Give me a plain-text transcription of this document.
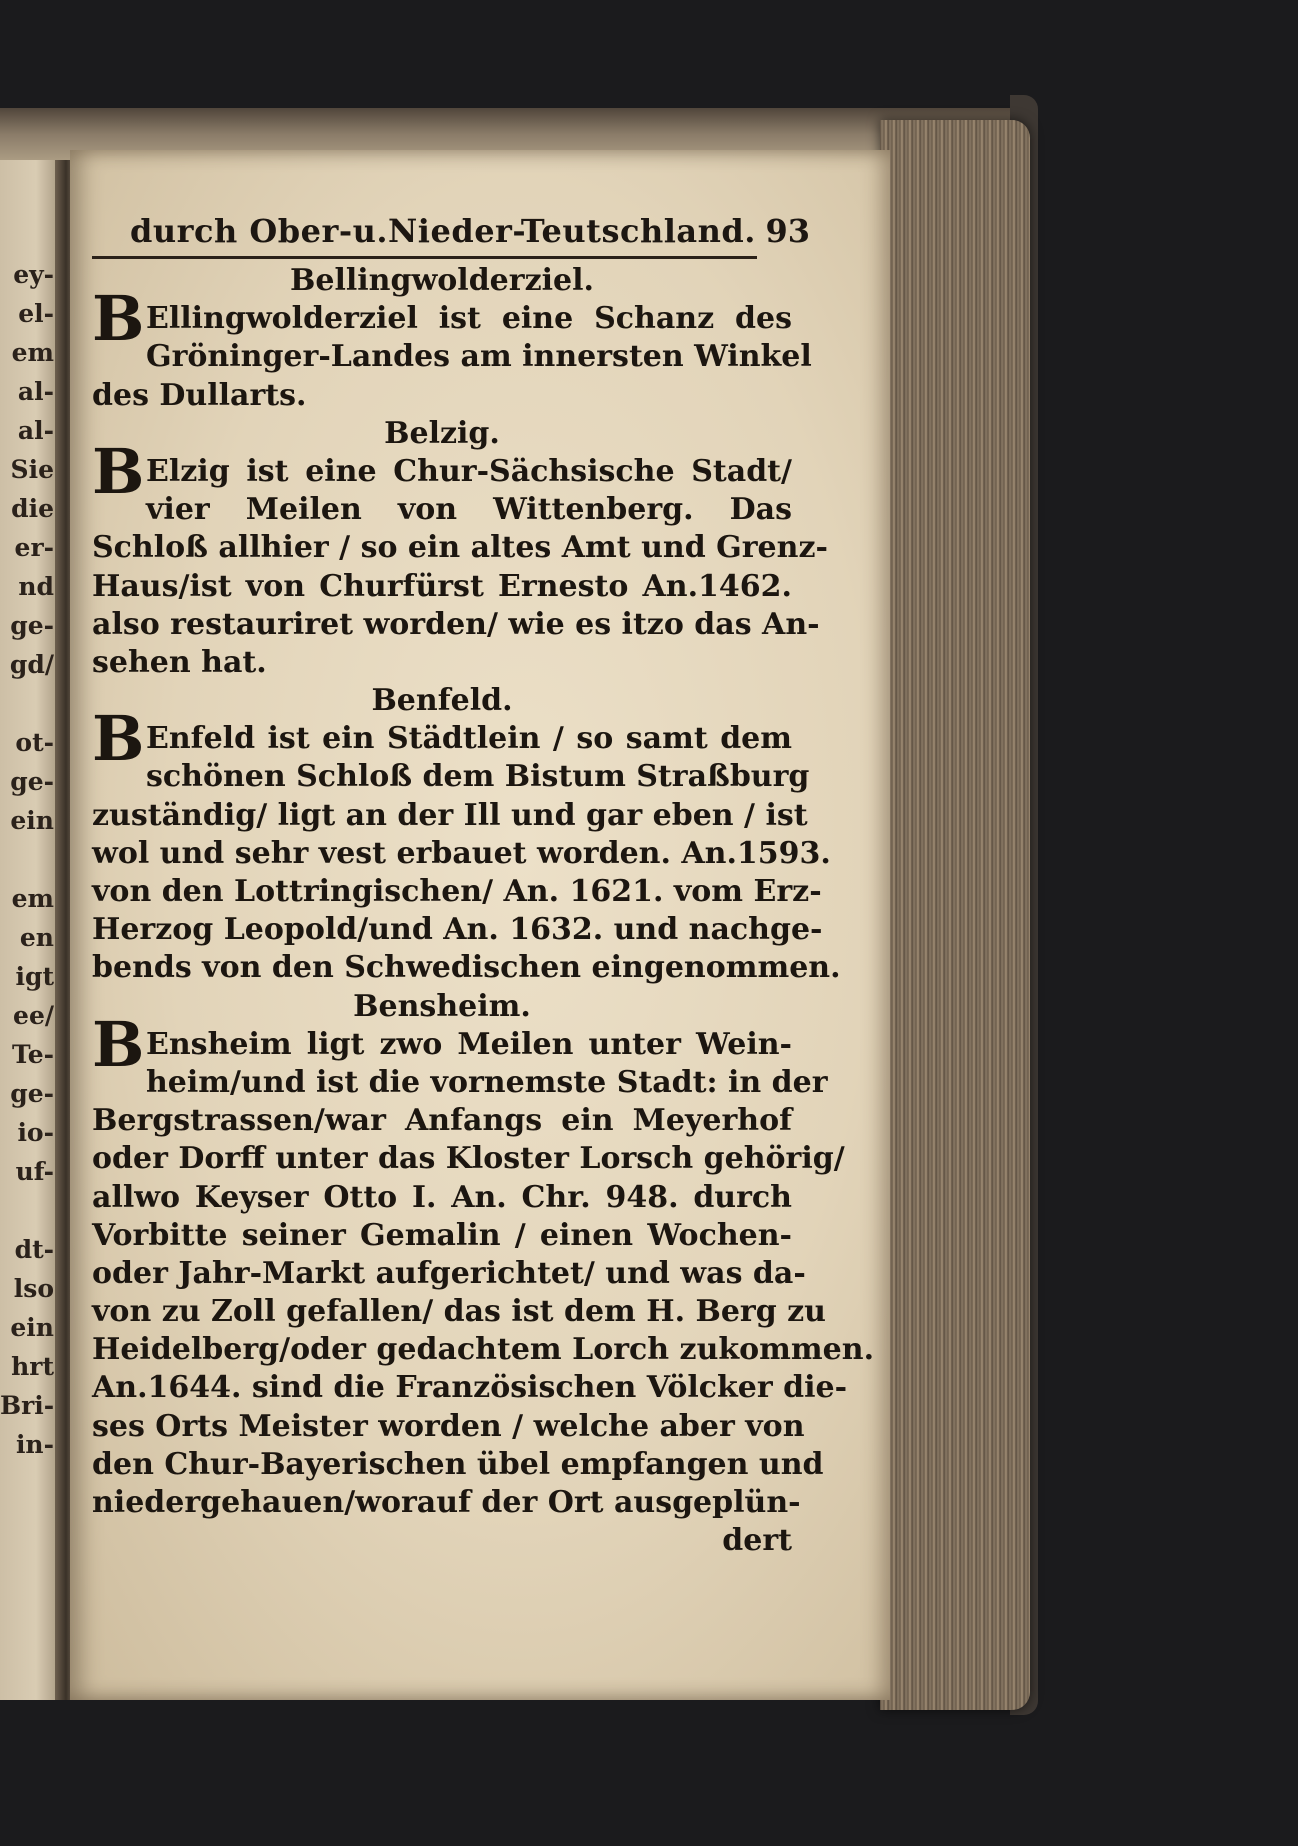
ey-
el-
em
al-
al-
Sie
die
er-
nd
ge-
gd/
ot-
ge-
ein
em
en
igt
ee/
Te-
ge-
io-
uf-
dt-
lso
ein
hrt
Bri-
in-
durch Ober-u.Nieder-Teutschland. 93
Bellingwolderziel.
B Ellingwolderziel ist eine Schanz des
Gröninger-Landes am innersten Winkel
des Dullarts.
Belzig.
B Elzig ist eine Chur-Sächsische Stadt/
vier Meilen von Wittenberg. Das
Schloß allhier / so ein altes Amt und Grenz-
Haus/ist von Churfürst Ernesto An.1462.
also restauriret worden/ wie es itzo das An-
sehen hat.
Benfeld.
B Enfeld ist ein Städtlein / so samt dem
schönen Schloß dem Bistum Straßburg
zuständig/ ligt an der Ill und gar eben / ist
wol und sehr vest erbauet worden. An.1593.
von den Lottringischen/ An. 1621. vom Erz-
Herzog Leopold/und An. 1632. und nachge-
bends von den Schwedischen eingenommen.
Bensheim.
B Ensheim ligt zwo Meilen unter Wein-
heim/und ist die vornemste Stadt: in der
Bergstrassen/war Anfangs ein Meyerhof
oder Dorff unter das Kloster Lorsch gehörig/
allwo Keyser Otto I. An. Chr. 948. durch
Vorbitte seiner Gemalin / einen Wochen-
oder Jahr-Markt aufgerichtet/ und was da-
von zu Zoll gefallen/ das ist dem H. Berg zu
Heidelberg/oder gedachtem Lorch zukommen.
An.1644. sind die Französischen Völcker die-
ses Orts Meister worden / welche aber von
den Chur-Bayerischen übel empfangen und
niedergehauen/worauf der Ort ausgeplün-
dert
